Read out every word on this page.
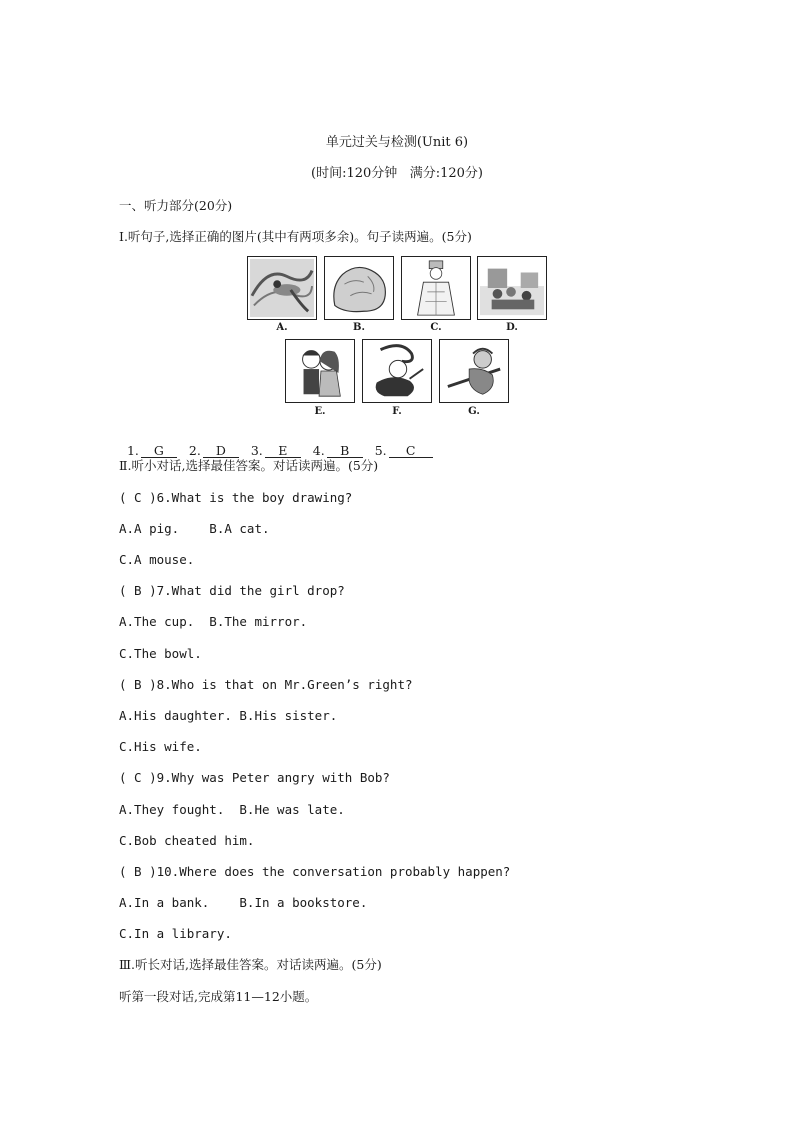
单元过关与检测(Unit 6)
(时间:120分钟   满分:120分)
一、听力部分(20分)
Ⅰ.听句子,选择正确的图片(其中有两项多余)。句子读两遍。(5分)
A.	B.	C.	D.
E.	F.	G.

1. G 2. D 3. E 4. B 5. C

Ⅱ.听小对话,选择最佳答案。对话读两遍。(5分)
( C )6.What is the boy drawing?
A.A pig.    B.A cat.
C.A mouse.
( B )7.What did the girl drop?
A.The cup.  B.The mirror.
C.The bowl.
( B )8.Who is that on Mr.Green’s right?
A.His daughter. B.His sister.
C.His wife.
( C )9.Why was Peter angry with Bob?
A.They fought.  B.He was late.
C.Bob cheated him.
( B )10.Where does the conversation probably happen?
A.In a bank.    B.In a bookstore.
C.In a library.
Ⅲ.听长对话,选择最佳答案。对话读两遍。(5分)
听第一段对话,完成第11—12小题。
